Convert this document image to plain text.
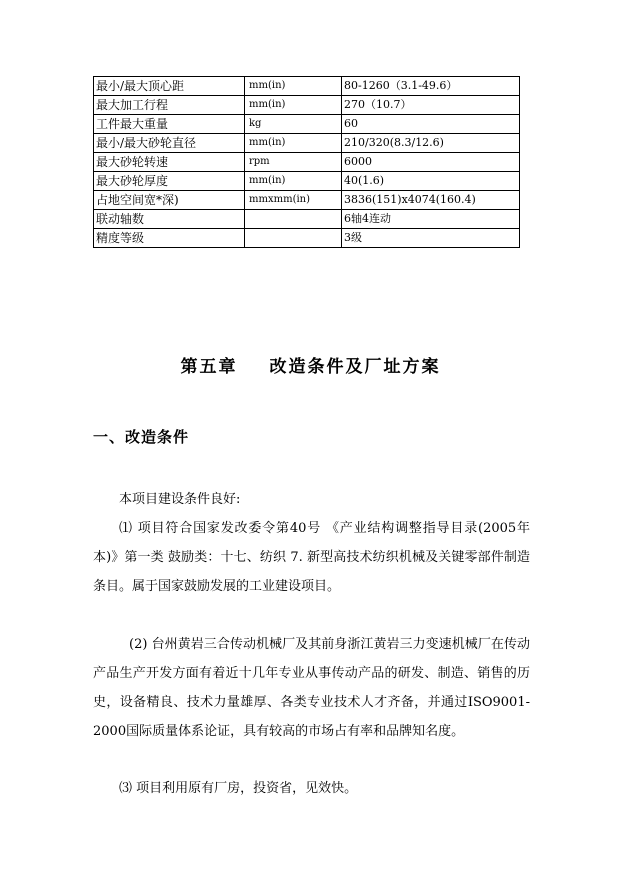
最小/最大顶心距	mm(in)	80-1260（3.1-49.6）
最大加工行程	mm(in)	270（10.7）
工件最大重量	kg	60
最小/最大砂轮直径	mm(in)	210/320(8.3/12.6)
最大砂轮转速	rpm	6000
最大砂轮厚度	mm(in)	40(1.6)
占地空间宽*深)	mmxmm(in)	3836(151)x4074(160.4)
联动轴数		6轴4连动
精度等级		3级
第五章 改造条件及厂址方案
一、改造条件

本项目建设条件良好:

⑴ 项目符合国家发改委令第40号 《产业结构调整指导目录(2005年本)》第一类 鼓励类：十七、纺织 7. 新型高技术纺织机械及关键零部件制造条目。属于国家鼓励发展的工业建设项目。

(2) 台州黄岩三合传动机械厂及其前身浙江黄岩三力变速机械厂在传动产品生产开发方面有着近十几年专业从事传动产品的研发、制造、销售的历史，设备精良、技术力量雄厚、各类专业技术人才齐备，并通过ISO9001-2000国际质量体系论证，具有较高的市场占有率和品牌知名度。

⑶ 项目利用原有厂房，投资省，见效快。
